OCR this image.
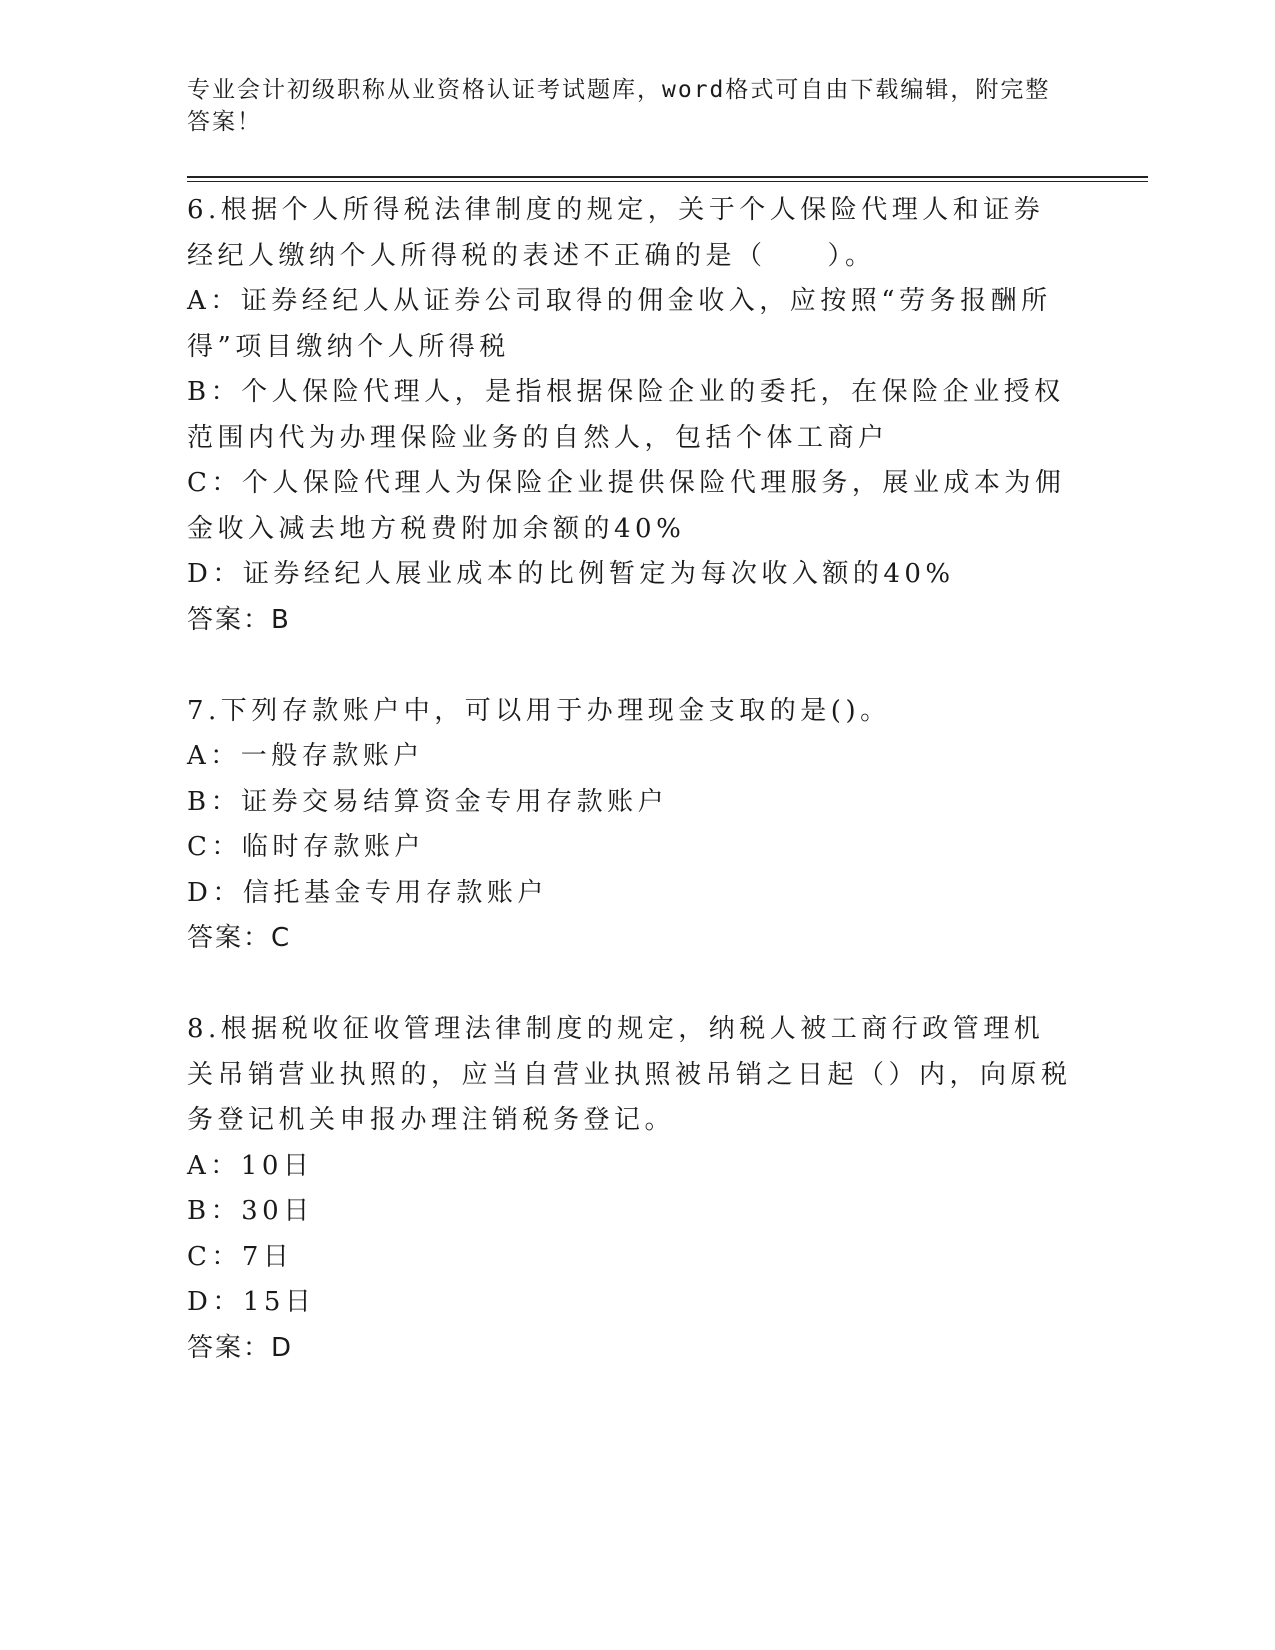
专业会计初级职称从业资格认证考试题库，word格式可自由下载编辑，附完整答案！
6.根据个人所得税法律制度的规定，关于个人保险代理人和证券经纪人缴纳个人所得税的表述不正确的是（　　）。
A：证券经纪人从证券公司取得的佣金收入，应按照“劳务报酬所得”项目缴纳个人所得税
B：个人保险代理人，是指根据保险企业的委托，在保险企业授权范围内代为办理保险业务的自然人，包括个体工商户
C：个人保险代理人为保险企业提供保险代理服务，展业成本为佣金收入减去地方税费附加余额的40%
D：证券经纪人展业成本的比例暂定为每次收入额的40%
答案：B
7.下列存款账户中，可以用于办理现金支取的是()。
A：一般存款账户
B：证券交易结算资金专用存款账户
C：临时存款账户
D：信托基金专用存款账户
答案：C
8.根据税收征收管理法律制度的规定，纳税人被工商行政管理机关吊销营业执照的，应当自营业执照被吊销之日起（）内，向原税务登记机关申报办理注销税务登记。
A：10日
B：30日
C：7日
D：15日
答案：D
